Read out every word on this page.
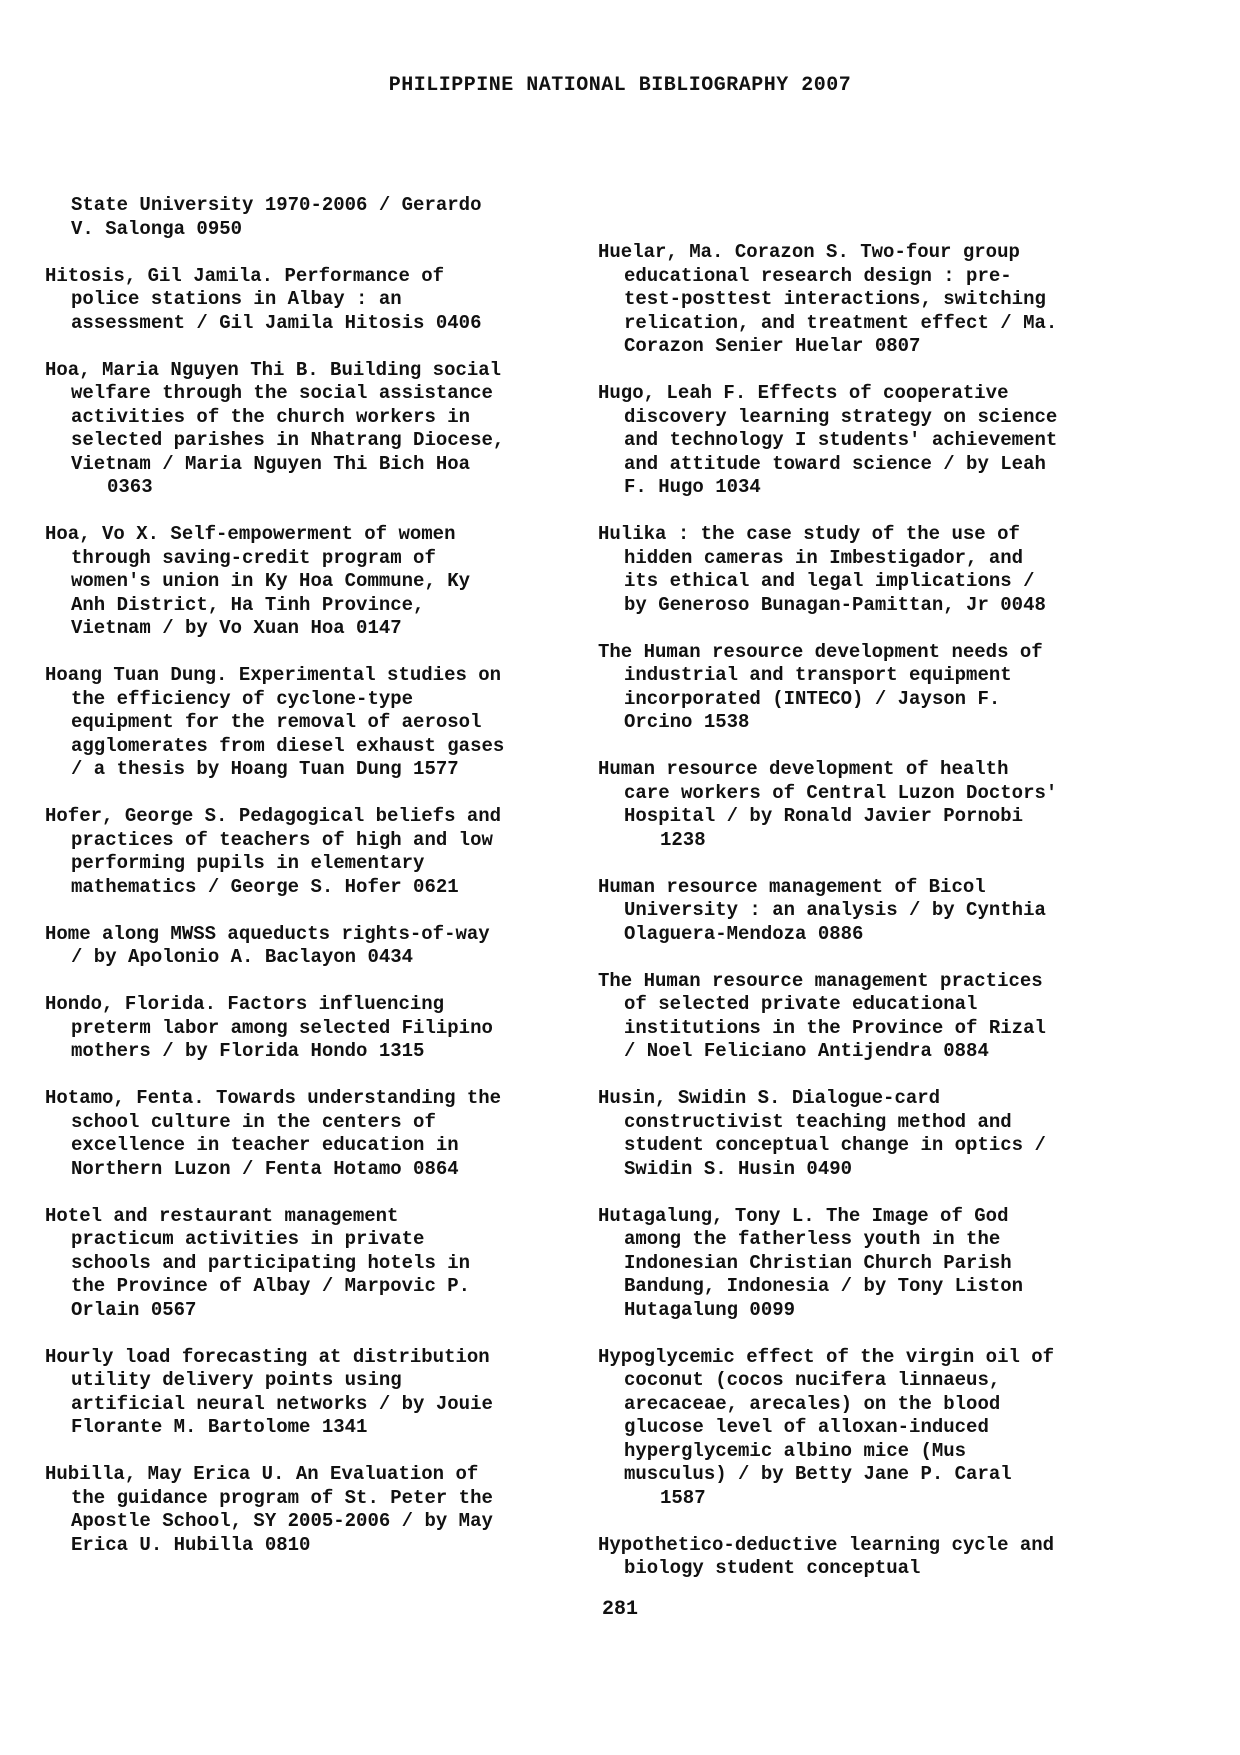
PHILIPPINE NATIONAL BIBLIOGRAPHY 2007
State University 1970-2006 / Gerardo
V. Salonga 0950
Hitosis, Gil Jamila. Performance of
police stations in Albay : an
assessment / Gil Jamila Hitosis 0406
Hoa, Maria Nguyen Thi B. Building social
welfare through the social assistance
activities of the church workers in
selected parishes in Nhatrang Diocese,
Vietnam / Maria Nguyen Thi Bich Hoa
0363
Hoa, Vo X. Self-empowerment of women
through saving-credit program of
women's union in Ky Hoa Commune, Ky
Anh District, Ha Tinh Province,
Vietnam / by Vo Xuan Hoa 0147
Hoang Tuan Dung. Experimental studies on
the efficiency of cyclone-type
equipment for the removal of aerosol
agglomerates from diesel exhaust gases
/ a thesis by Hoang Tuan Dung 1577
Hofer, George S. Pedagogical beliefs and
practices of teachers of high and low
performing pupils in elementary
mathematics / George S. Hofer 0621
Home along MWSS aqueducts rights-of-way
/ by Apolonio A. Baclayon 0434
Hondo, Florida. Factors influencing
preterm labor among selected Filipino
mothers / by Florida Hondo 1315
Hotamo, Fenta. Towards understanding the
school culture in the centers of
excellence in teacher education in
Northern Luzon / Fenta Hotamo 0864
Hotel and restaurant management
practicum activities in private
schools and participating hotels in
the Province of Albay / Marpovic P.
Orlain 0567
Hourly load forecasting at distribution
utility delivery points using
artificial neural networks / by Jouie
Florante M. Bartolome 1341
Hubilla, May Erica U. An Evaluation of
the guidance program of St. Peter the
Apostle School, SY 2005-2006 / by May
Erica U. Hubilla 0810
Huelar, Ma. Corazon S. Two-four group
educational research design : pre-
test-posttest interactions, switching
relication, and treatment effect / Ma.
Corazon Senier Huelar 0807
Hugo, Leah F. Effects of cooperative
discovery learning strategy on science
and technology I students' achievement
and attitude toward science / by Leah
F. Hugo 1034
Hulika : the case study of the use of
hidden cameras in Imbestigador, and
its ethical and legal implications /
by Generoso Bunagan-Pamittan, Jr 0048
The Human resource development needs of
industrial and transport equipment
incorporated (INTECO) / Jayson F.
Orcino 1538
Human resource development of health
care workers of Central Luzon Doctors'
Hospital / by Ronald Javier Pornobi
1238
Human resource management of Bicol
University : an analysis / by Cynthia
Olaguera-Mendoza 0886
The Human resource management practices
of selected private educational
institutions in the Province of Rizal
/ Noel Feliciano Antijendra 0884
Husin, Swidin S. Dialogue-card
constructivist teaching method and
student conceptual change in optics /
Swidin S. Husin 0490
Hutagalung, Tony L. The Image of God
among the fatherless youth in the
Indonesian Christian Church Parish
Bandung, Indonesia / by Tony Liston
Hutagalung 0099
Hypoglycemic effect of the virgin oil of
coconut (cocos nucifera linnaeus,
arecaceae, arecales) on the blood
glucose level of alloxan-induced
hyperglycemic albino mice (Mus
musculus) / by Betty Jane P. Caral
1587
Hypothetico-deductive learning cycle and
biology student conceptual

281
